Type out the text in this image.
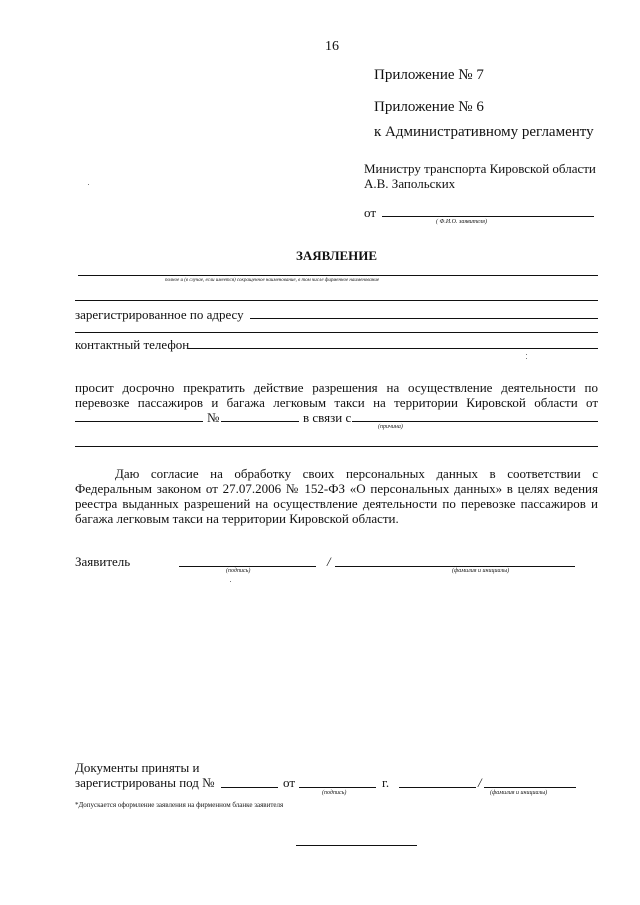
16
Приложение № 7
Приложение № 6
к Административному регламенту
Министру транспорта Кировской области
А.В. Запольских
от
( Ф.И.О. заявителя)
ЗАЯВЛЕНИЕ
полное и (в случае, если имеется) сокращенное наименование, в том числе фирменное наименование
зарегистрированное по адресу
контактный телефон
просит досрочно прекратить действие разрешения на осуществление деятельности по
перевозке пассажиров и багажа легковым такси на территории Кировской области от
№	в связи с
(причина)
Даю согласие на обработку своих персональных данных в соответствии с
Федеральным законом от 27.07.2006 № 152-ФЗ «О персональных данных» в целях ведения
реестра выданных разрешений на осуществление деятельности по перевозке пассажиров и
багажа легковым такси на территории Кировской области.
Заявитель
(подпись)
/
(фамилия и инициалы)
Документы приняты и
зарегистрированы под №	от	г.
(подпись)
/
(фамилия и инициалы)
*Допускается оформление заявления на фирменном бланке заявителя
